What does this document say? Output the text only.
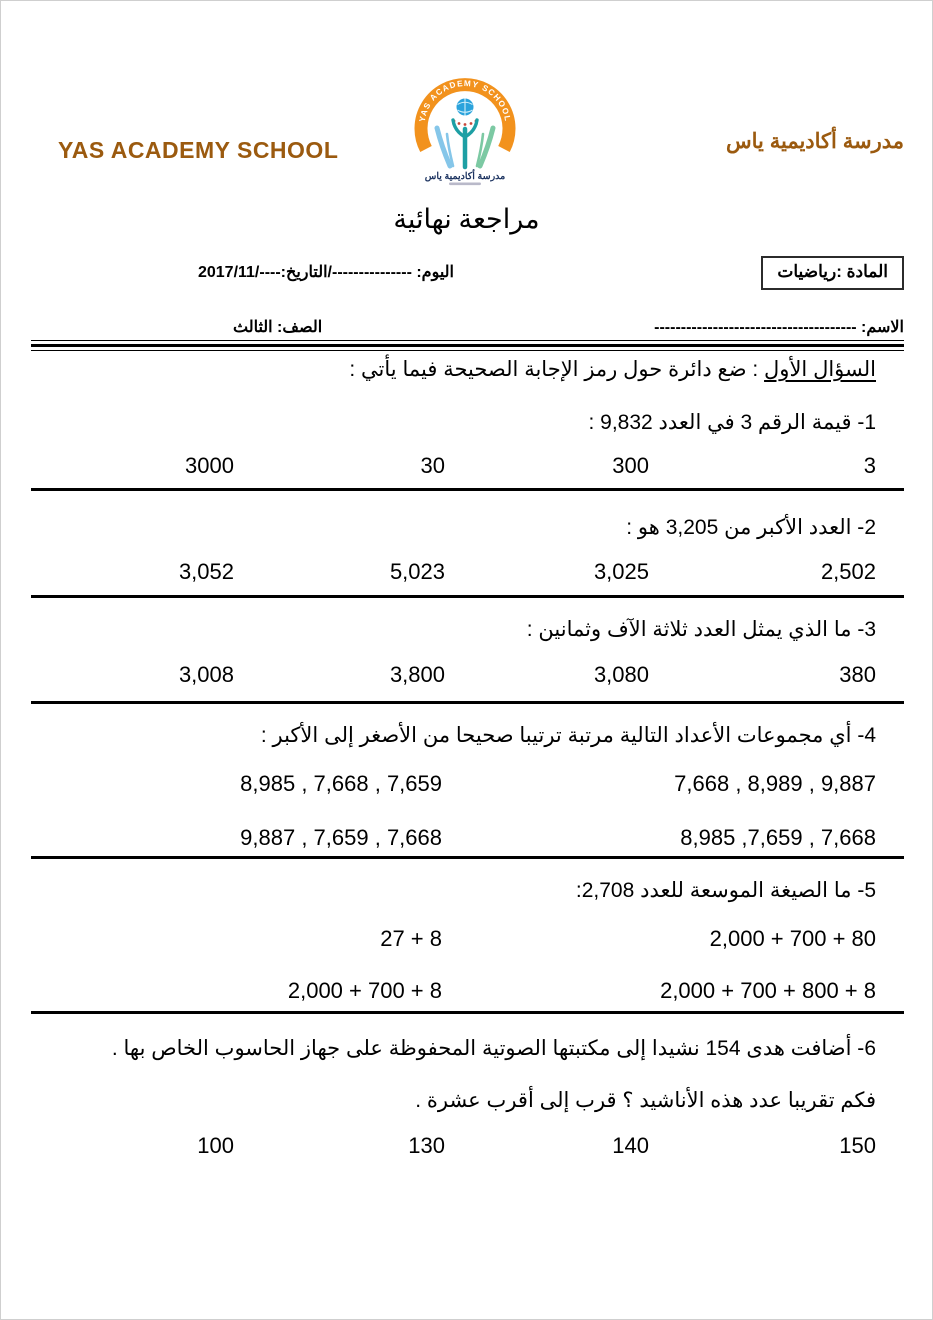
YAS ACADEMY SCHOOL	مدرسة أكاديمية ياس
YAS ACADEMY SCHOOL
مدرسة أكاديمية ياس
مراجعة نهائية
المادة :رياضيات
اليوم: ---------------/التاريخ:----/2017/11
الاسم: --------------------------------------
الصف: الثالث
السؤال الأول : ضع دائرة حول رمز الإجابة الصحيحة فيما يأتي :
1- قيمة الرقم 3 في العدد 9,832 :
3
300
30
3000
2- العدد الأكبر من 3,205 هو :
2,502
3,025
5,023
3,052
3- ما الذي يمثل العدد ثلاثة الآف وثمانين :
380
3,080
3,800
3,008
4- أي مجموعات الأعداد التالية مرتبة ترتيبا صحيحا من الأصغر إلى الأكبر :
7,668 , 8,989 , 9,887
8,985 , 7,668 , 7,659
8,985 ,7,659 , 7,668
9,887 , 7,659 , 7,668
5- ما الصيغة الموسعة للعدد 2,708:
2,000 + 700 + 80
27 + 8
2,000 + 700 + 800 + 8
2,000 + 700 + 8
6- أضافت هدى 154 نشيدا إلى مكتبتها الصوتية المحفوظة على جهاز الحاسوب الخاص بها .
فكم تقريبا عدد هذه الأناشيد ؟ قرب إلى أقرب عشرة .
150
140
130
100
